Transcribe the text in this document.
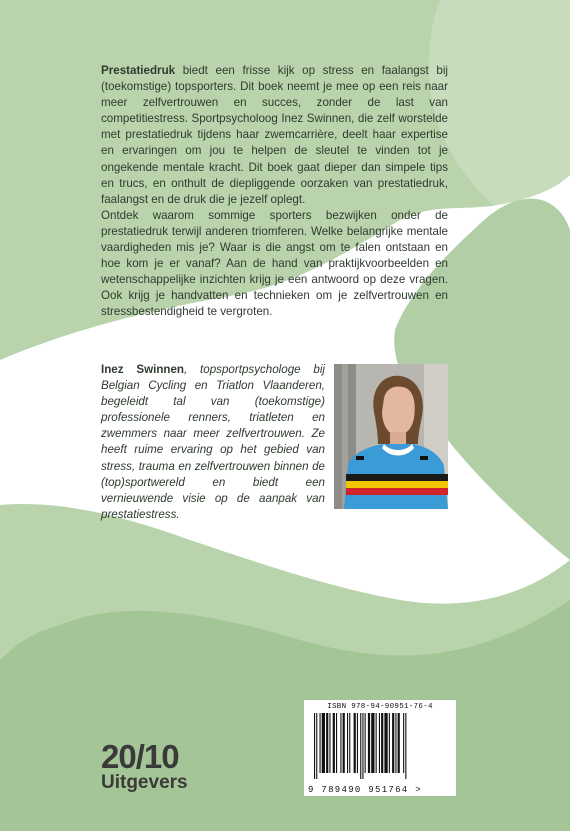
Prestatiedruk biedt een frisse kijk op stress en faalangst bij (toekomstige) topsporters. Dit boek neemt je mee op een reis naar meer zelfvertrouwen en succes, zonder de last van competitiestress. Sportpsycholoog Inez Swinnen, die zelf worstelde met prestatiedruk tijdens haar zwemcarrière, deelt haar expertise en ervaringen om jou te helpen de sleutel te vinden tot je ongekende mentale kracht. Dit boek gaat dieper dan simpele tips en trucs, en onthult de diepliggende oorzaken van prestatiedruk, faalangst en de druk die je jezelf oplegt.

Ontdek waarom sommige sporters bezwijken onder de prestatiedruk terwijl anderen triomferen. Welke belangrijke mentale vaardigheden mis je? Waar is die angst om te falen ontstaan en hoe kom je er vanaf? Aan de hand van praktijkvoorbeelden en wetenschappelijke inzichten krijg je een antwoord op deze vragen. Ook krijg je handvatten en technieken om je zelfvertrouwen en stressbestendigheid te vergroten.

Inez Swinnen, topsportpsychologe bij Belgian Cycling en Triatlon Vlaanderen, begeleidt tal van (toekomstige) professionele renners, triatleten en zwemmers naar meer zelfvertrouwen. Ze heeft ruime ervaring op het gebied van stress, trauma en zelfvertrouwen binnen de (top)sportwereld en biedt een vernieuwende visie op de aanpak van prestatiestress.
20/10
Uitgevers
ISBN 978-94-90951-76-4
9 789490 951764 >
